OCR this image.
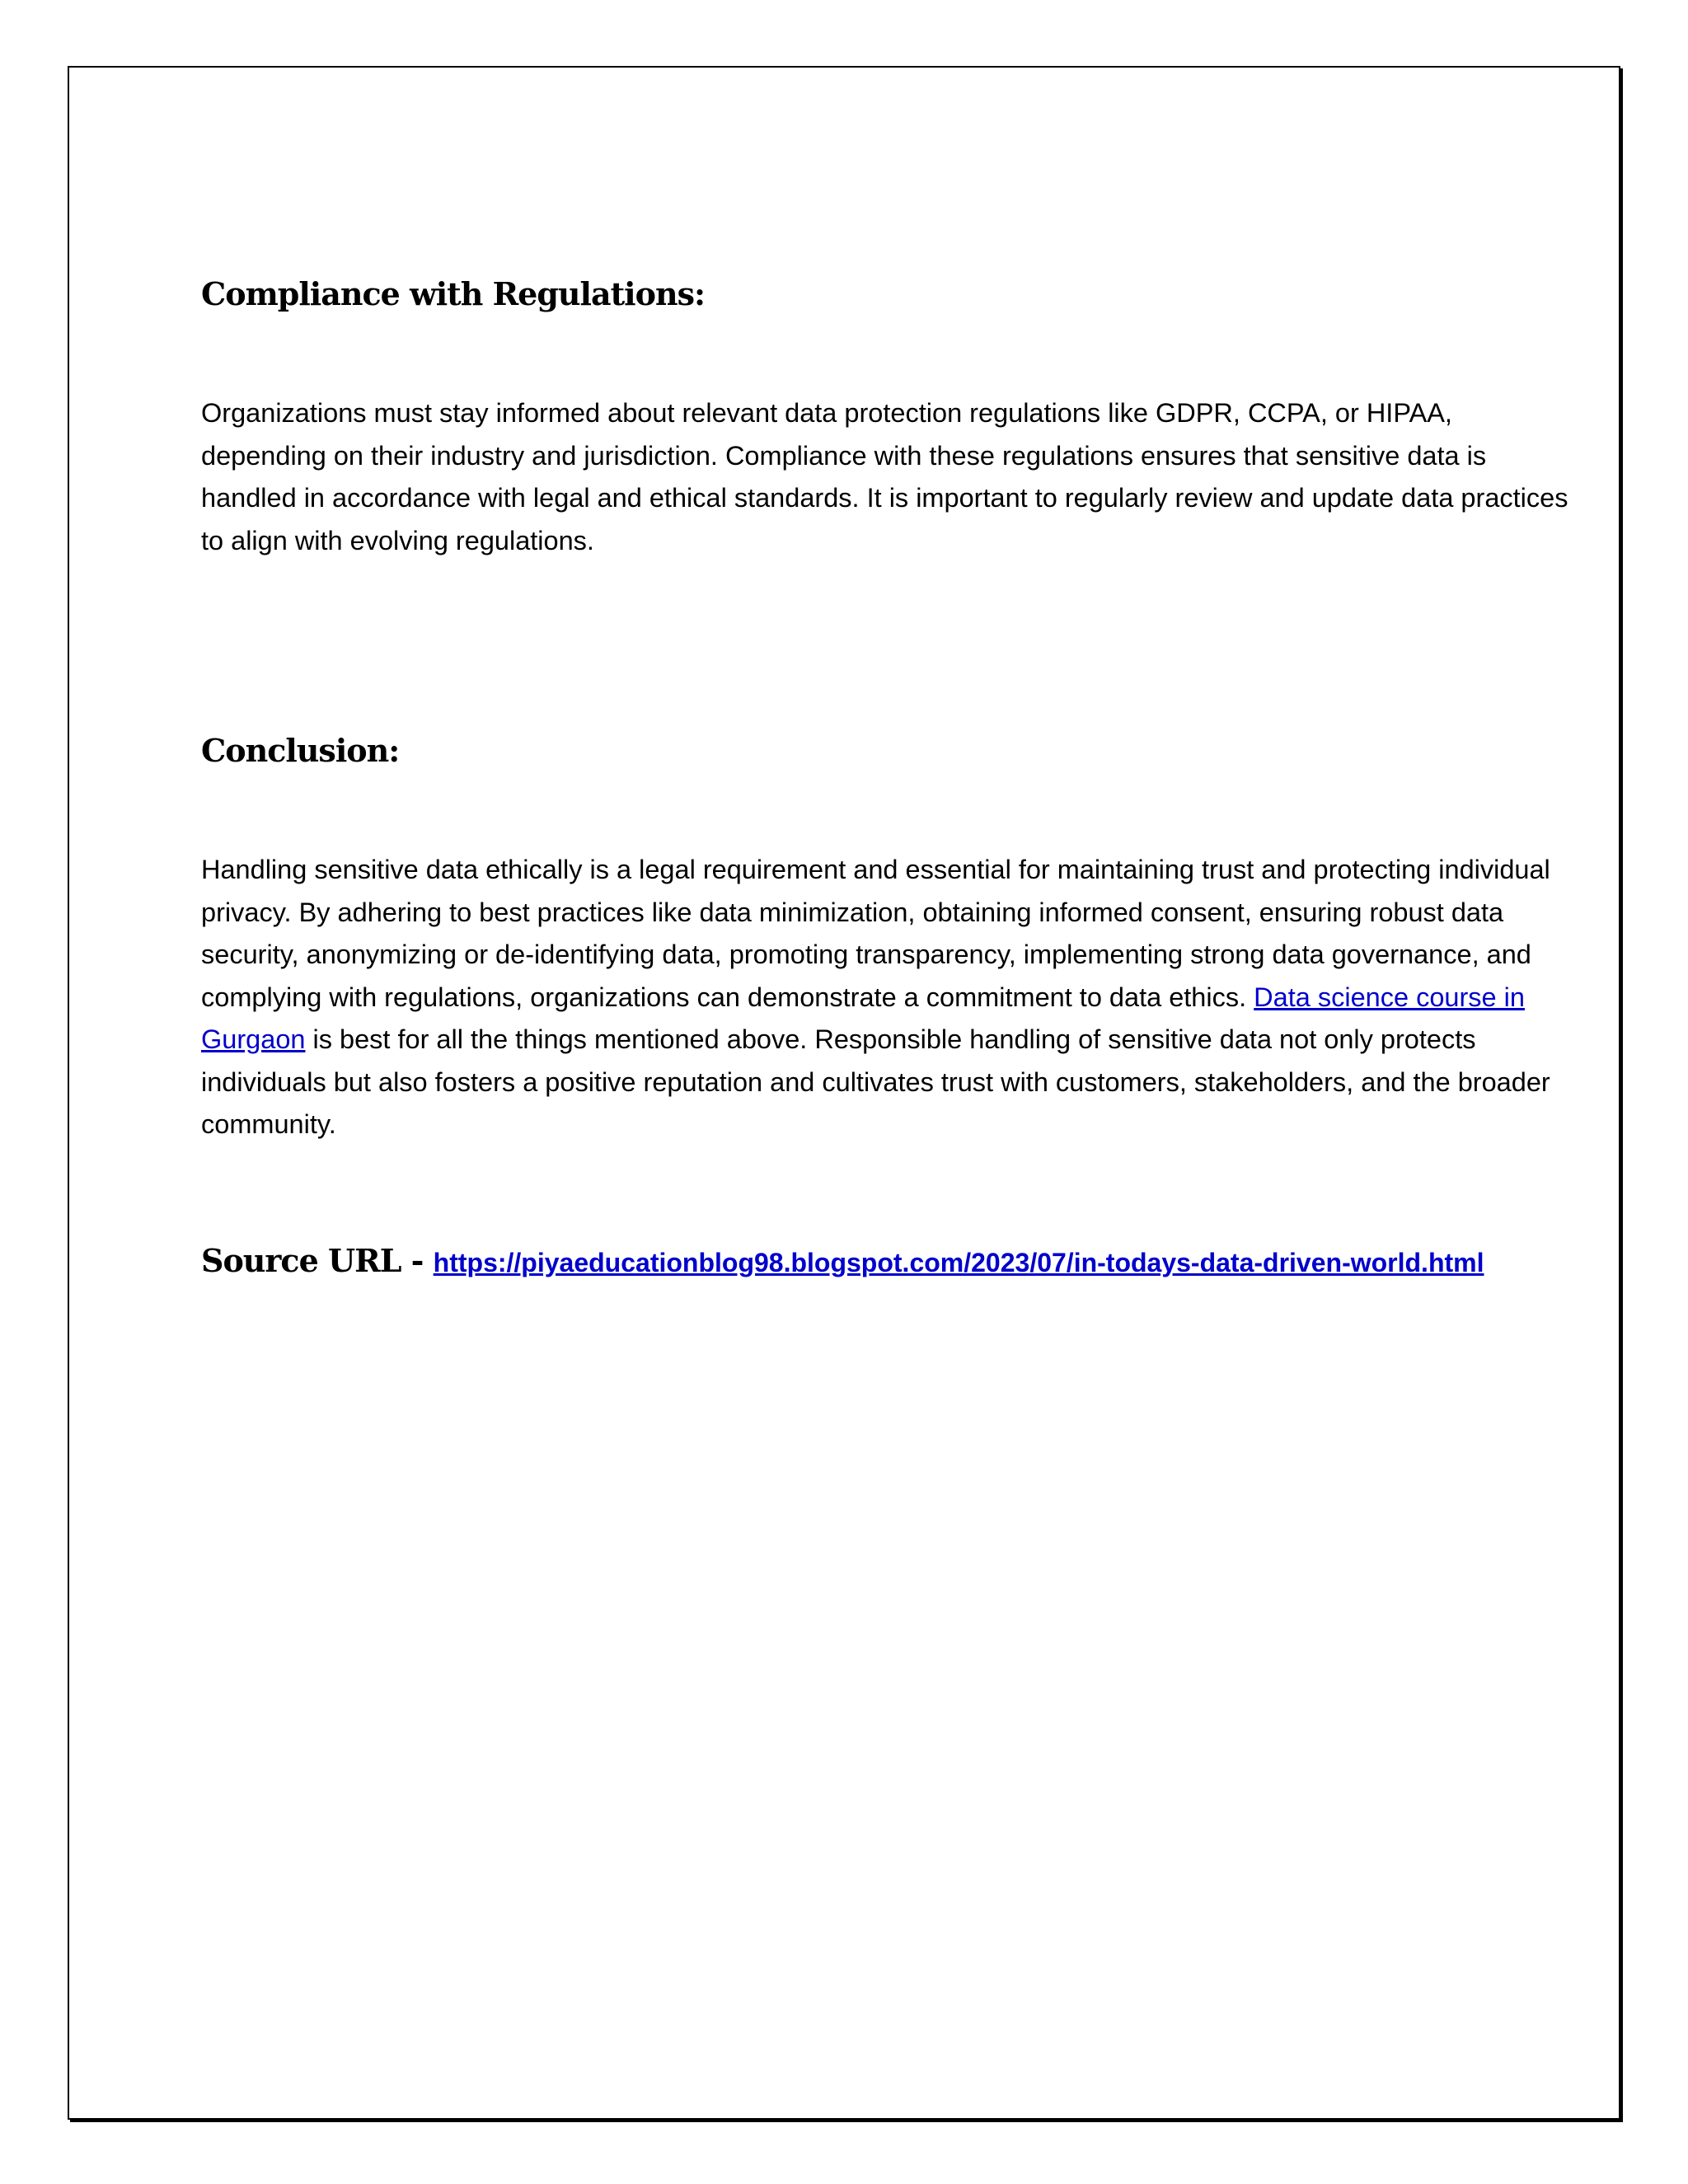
Compliance with Regulations:

Organizations must stay informed about relevant data protection regulations like GDPR, CCPA, or HIPAA, depending on their industry and jurisdiction. Compliance with these regulations ensures that sensitive data is handled in accordance with legal and ethical standards. It is important to regularly review and update data practices to align with evolving regulations.

Conclusion:

Handling sensitive data ethically is a legal requirement and essential for maintaining trust and protecting individual privacy. By adhering to best practices like data minimization, obtaining informed consent, ensuring robust data security, anonymizing or de-identifying data, promoting transparency, implementing strong data governance, and complying with regulations, organizations can demonstrate a commitment to data ethics. Data science course in Gurgaon is best for all the things mentioned above. Responsible handling of sensitive data not only protects individuals but also fosters a positive reputation and cultivates trust with customers, stakeholders, and the broader community.

Source URL - https://piyaeducationblog98.blogspot.com/2023/07/in-todays-data-driven-world.html
